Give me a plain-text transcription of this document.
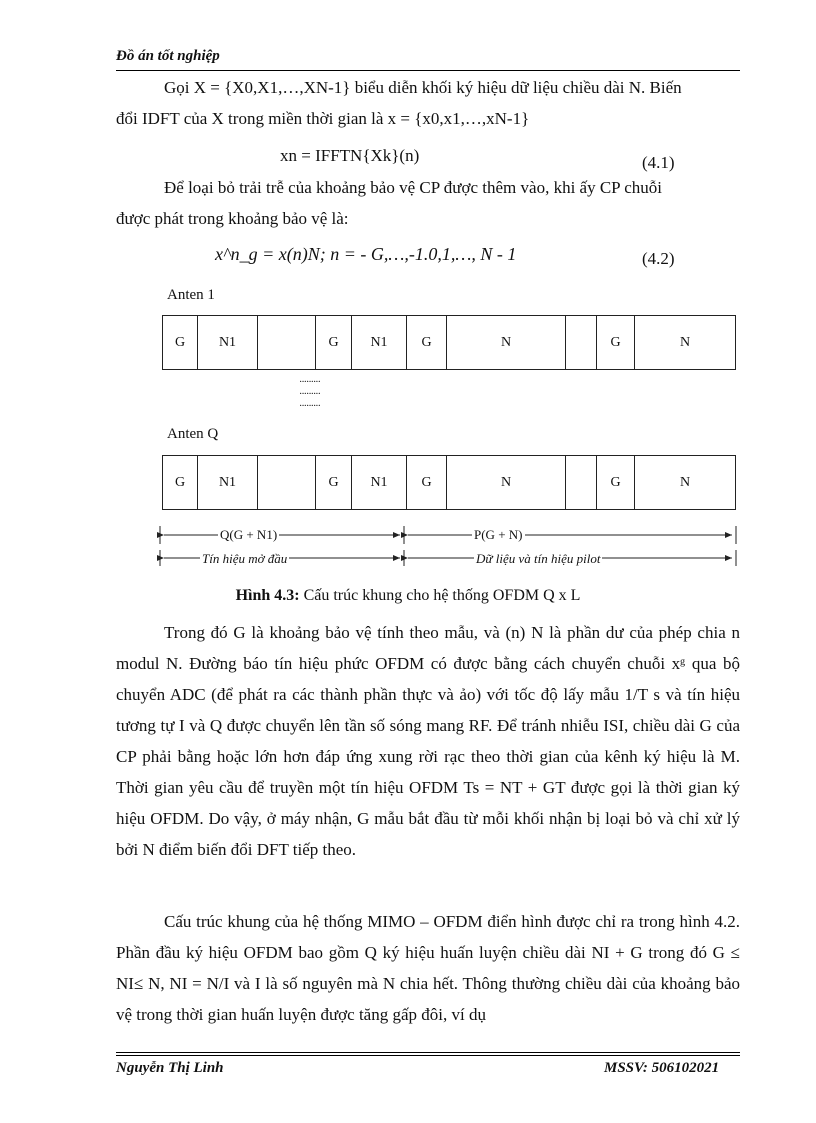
Đồ án tốt nghiệp

Gọi X = {X0,X1,…,XN-1} biểu diễn khối ký hiệu dữ liệu chiều dài N. Biến
đổi IDFT của X trong miền thời gian là x = {x0,x1,…,xN-1}

xn = IFFTN{Xk}(n)	(4.1)

Để loại bỏ trải trễ của khoảng bảo vệ CP được thêm vào, khi ấy CP chuỗi
được phát trong khoảng bảo vệ là:

x^n_g = x(n)N; n = - G,…,-1.0,1,…, N - 1	(4.2)
Anten 1
G	N1	G	N1	G	N	G	N
·········
·········
·········
Anten Q
G	N1	G	N1	G	N	G	N
Q(G + N1)	P(G + N)
Tín hiệu mở đầu	Dữ liệu và tín hiệu pilot
Hình 4.3: Cấu trúc khung cho hệ thống OFDM Q x L

Trong đó G là khoảng bảo vệ tính theo mẫu, và (n) N là phần dư của phép chia n modul N. Đường báo tín hiệu phức OFDM có được bằng cách chuyển chuỗi xᵍ qua bộ chuyển ADC (để phát ra các thành phần thực và ảo) với tốc độ lấy mẫu 1/T s và tín hiệu tương tự I và Q được chuyển lên tần số sóng mang RF. Để tránh nhiễu ISI, chiều dài G của CP phải bằng hoặc lớn hơn đáp ứng xung rời rạc theo thời gian của kênh ký hiệu là M. Thời gian yêu cầu để truyền một tín hiệu OFDM Ts = NT + GT được gọi là thời gian ký hiệu OFDM. Do vậy, ở máy nhận, G mẫu bắt đầu từ mỗi khối nhận bị loại bỏ và chỉ xử lý bởi N điểm biến đổi DFT tiếp theo.

Cấu trúc khung của hệ thống MIMO – OFDM điển hình được chỉ ra trong hình 4.2. Phần đầu ký hiệu OFDM bao gồm Q ký hiệu huấn luyện chiều dài NI + G trong đó G ≤ NI≤ N, NI = N/I và I là số nguyên mà N chia hết. Thông thường chiều dài của khoảng bảo vệ trong thời gian huấn luyện được tăng gấp đôi, ví dụ

Nguyễn Thị Linh	MSSV: 506102021
